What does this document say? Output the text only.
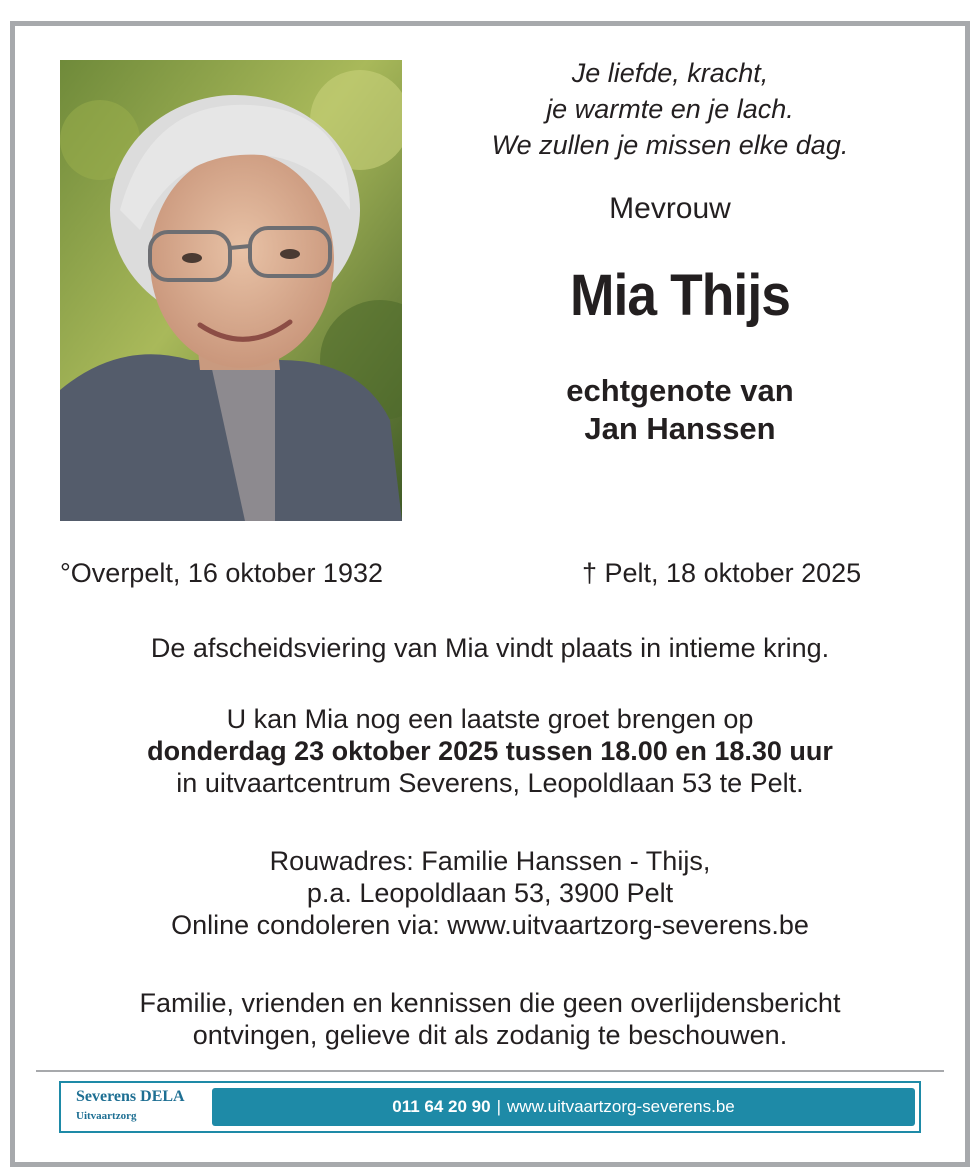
Je liefde, kracht,
je warmte en je lach.
We zullen je missen elke dag.
Mevrouw
Mia Thijs
echtgenote van
Jan Hanssen
°Overpelt, 16 oktober 1932	† Pelt, 18 oktober 2025
De afscheidsviering van Mia vindt plaats in intieme kring.
U kan Mia nog een laatste groet brengen op
donderdag 23 oktober 2025 tussen 18.00 en 18.30 uur
in uitvaartcentrum Severens, Leopoldlaan 53 te Pelt.
Rouwadres: Familie Hanssen - Thijs,
p.a. Leopoldlaan 53, 3900 Pelt
Online condoleren via: www.uitvaartzorg-severens.be
Familie, vrienden en kennissen die geen overlijdensbericht
ontvingen, gelieve dit als zodanig te beschouwen.
Severens DELA
Uitvaartzorg	011 64 20 90 | www.uitvaartzorg-severens.be
